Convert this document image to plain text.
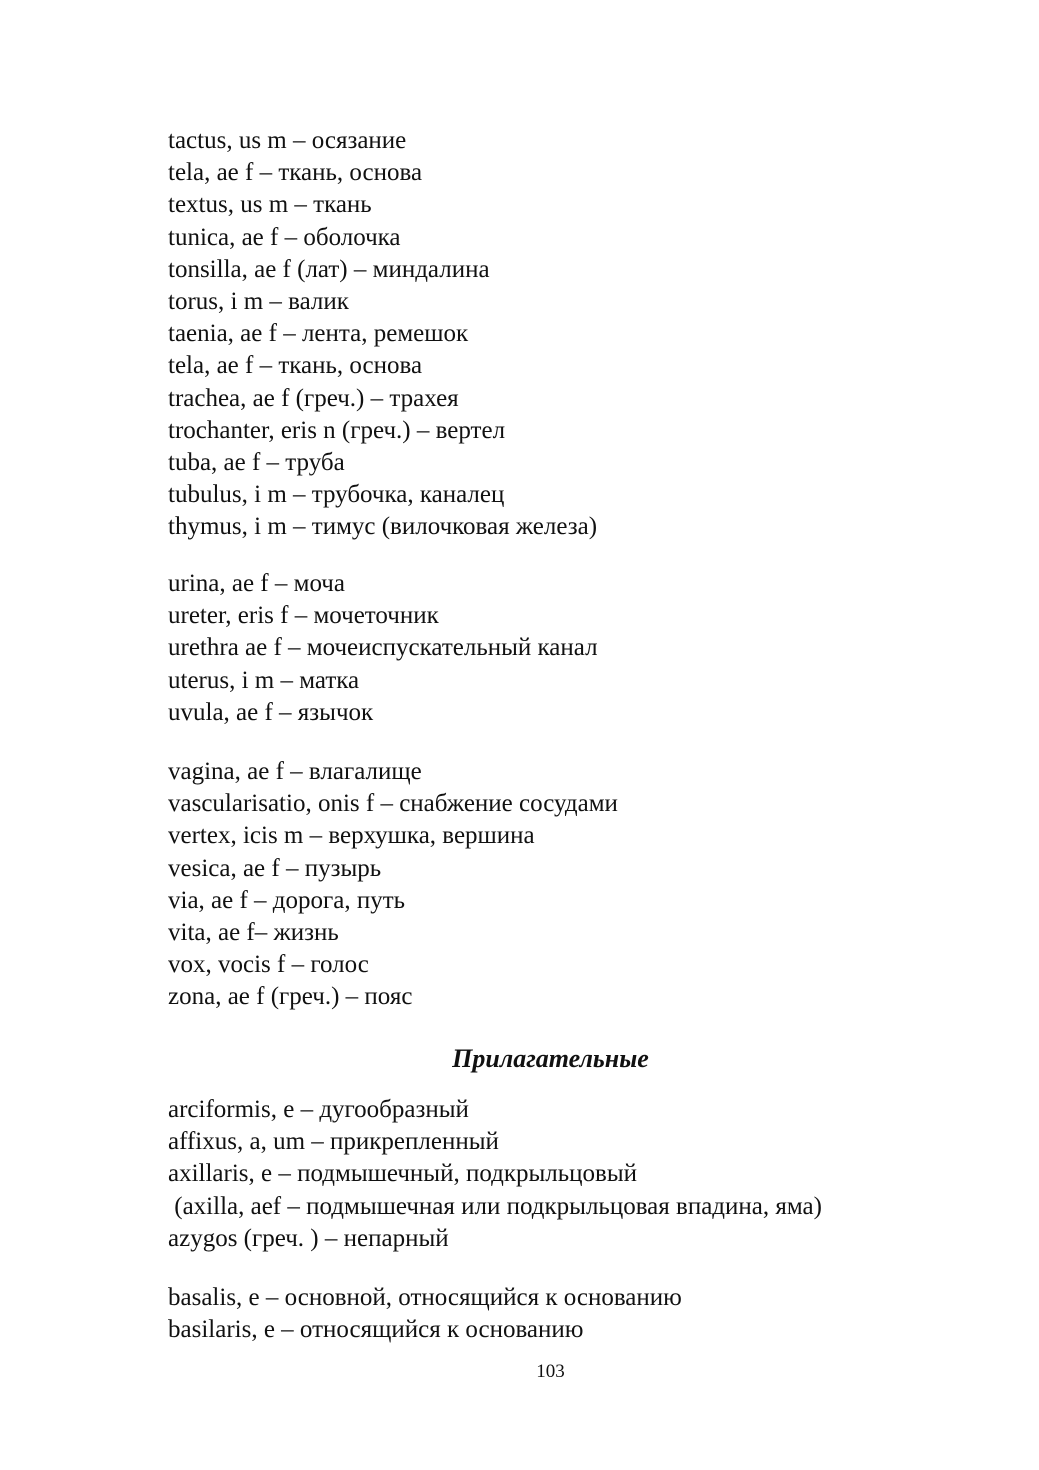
tactus, us m – осязание

tela, ae f – ткань, основа

textus, us m – ткань

tunica, ae f – оболочка

tonsilla, ae f (лат) – миндалина

torus, i m – валик

taenia, ae f – лента, ремешок

tela, ae f – ткань, основа

trachea, ae f (греч.) – трахея

trochanter, eris n (греч.) – вертел

tuba, ae f – труба

tubulus, i m – трубочка, каналец

thymus, i m – тимус (вилочковая железа)

urina, ae f – моча

ureter, eris f – мочеточник

urethra ae f – мочеиспускательный канал

uterus, i m – матка

uvula, ae f – язычок

vagina, ae f – влагалище

vascularisatio, onis f – снабжение сосудами

vertex, icis m – верхушка, вершина

vesica, ae f – пузырь

via, ae f – дорога, путь

vita, ae f– жизнь

vox, vocis f – голос

zona, ae f (греч.) – пояс

Прилагательные

arciformis, e – дугообразный

affixus, a, um – прикрепленный

axillaris, e – подмышечный, подкрыльцовый

(axilla, aef – подмышечная или подкрыльцовая впадина, яма)

azygos (греч. ) – непарный

basalis, e – основной, относящийся к основанию

basilaris, e – относящийся к основанию

103
